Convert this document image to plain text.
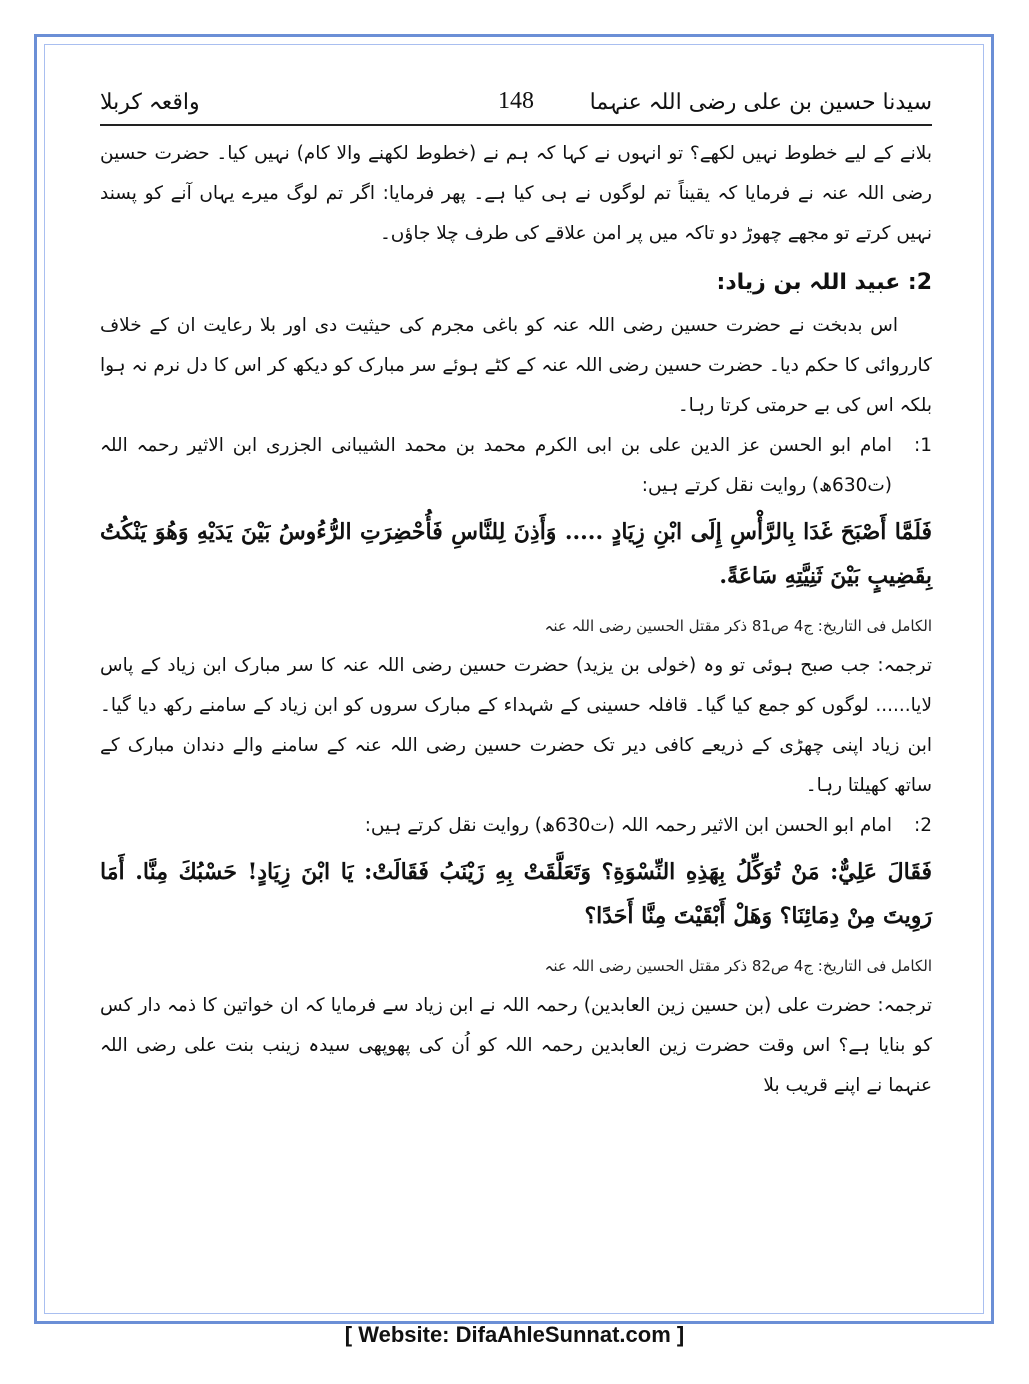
سیدنا حسین بن علی رضی اللہ عنہما
148
واقعہ کربلا

بلانے کے لیے خطوط نہیں لکھے؟ تو انہوں نے کہا کہ ہم نے (خطوط لکھنے والا کام) نہیں کیا۔ حضرت حسین رضی اللہ عنہ نے فرمایا کہ یقیناً تم لوگوں نے ہی کیا ہے۔ پھر فرمایا: اگر تم لوگ میرے یہاں آنے کو پسند نہیں کرتے تو مجھے چھوڑ دو تاکہ میں پر امن علاقے کی طرف چلا جاؤں۔

2: عبید اللہ بن زیاد:

اس بدبخت نے حضرت حسین رضی اللہ عنہ کو باغی مجرم کی حیثیت دی اور بلا رعایت ان کے خلاف کارروائی کا حکم دیا۔ حضرت حسین رضی اللہ عنہ کے کٹے ہوئے سر مبارک کو دیکھ کر اس کا دل نرم نہ ہوا بلکہ اس کی بے حرمتی کرتا رہا۔

1:
امام ابو الحسن عز الدین علی بن ابی الکرم محمد بن محمد الشیبانی الجزری ابن الاثیر رحمہ اللہ (ت630ھ) روایت نقل کرتے ہیں:

فَلَمَّا أَصْبَحَ غَدَا بِالرَّأْسِ إِلَى ابْنِ زِيَادٍ ..... وَأَذِنَ لِلنَّاسِ فَأُحْضِرَتِ الرُّءُوسُ بَيْنَ يَدَيْهِ وَهُوَ يَنْكُتُ بِقَضِيبٍ بَيْنَ ثَنِيَّتِهِ سَاعَةً.

الکامل فی التاریخ: ج4 ص81 ذکر مقتل الحسین رضی اللہ عنہ

ترجمہ: جب صبح ہوئی تو وہ (خولی بن یزید) حضرت حسین رضی اللہ عنہ کا سر مبارک ابن زیاد کے پاس لایا...... لوگوں کو جمع کیا گیا۔ قافلہ حسینی کے شہداء کے مبارک سروں کو ابن زیاد کے سامنے رکھ دیا گیا۔ ابن زیاد اپنی چھڑی کے ذریعے کافی دیر تک حضرت حسین رضی اللہ عنہ کے سامنے والے دندان مبارک کے ساتھ کھیلتا رہا۔

2:
امام ابو الحسن ابن الاثیر رحمہ اللہ (ت630ھ) روایت نقل کرتے ہیں:

فَقَالَ عَلِيٌّ: مَنْ تُوَكِّلُ بِهَذِهِ النِّسْوَةِ؟ وَتَعَلَّقَتْ بِهِ زَيْنَبُ فَقَالَتْ: يَا ابْنَ زِيَادٍ! حَسْبُكَ مِنَّا. أَمَا رَوِيتَ مِنْ دِمَائِنَا؟ وَهَلْ أَبْقَيْتَ مِنَّا أَحَدًا؟

الکامل فی التاریخ: ج4 ص82 ذکر مقتل الحسین رضی اللہ عنہ

ترجمہ: حضرت علی (بن حسین زین العابدین) رحمہ اللہ نے ابن زیاد سے فرمایا کہ ان خواتین کا ذمہ دار کس کو بنایا ہے؟ اس وقت حضرت زین العابدین رحمہ اللہ کو اُن کی پھوپھی سیدہ زینب بنت علی رضی اللہ عنہما نے اپنے قریب بلا

[ Website: DifaAhleSunnat.com ]
